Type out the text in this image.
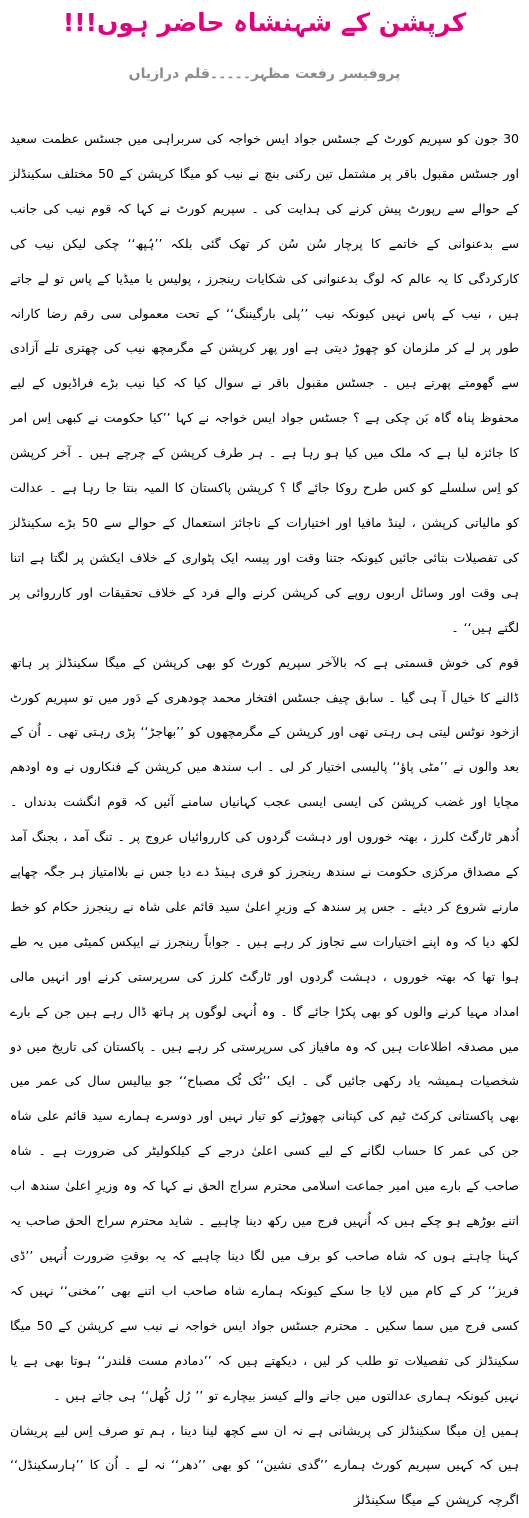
کرپشن کے شہنشاہ حاضر ہوں!!!
پروفیسر رفعت مظہر۔۔۔۔۔قلم درازیاں

30 جون کو سپریم کورٹ کے جسٹس جواد ایس خواجہ کی سربراہی میں جسٹس عظمت سعید اور جسٹس مقبول باقر پر مشتمل تین رکنی بنچ نے نیب کو میگا کرپشن کے 50 مختلف سکینڈلز کے حوالے سے رپورٹ پیش کرنے کی ہدایت کی ۔ سپریم کورٹ نے کہا کہ قوم نیب کی جانب سے بدعنوانی کے خاتمے کا پرچار سُن سُن کر تھک گئی بلکہ ’’ہُپھ‘‘ چکی لیکن نیب کی کارکردگی کا یہ عالم کہ لوگ بدعنوانی کی شکایات رینجرز ، پولیس یا میڈیا کے پاس تو لے جاتے ہیں ، نیب کے پاس نہیں کیونکہ نیب ’’پلی بارگیننگ‘‘ کے تحت معمولی سی رقم رضا کارانہ طور پر لے کر ملزمان کو چھوڑ دیتی ہے اور پھر کرپشن کے مگرمچھ نیب کی چھتری تلے آزادی سے گھومتے پھرتے ہیں ۔ جسٹس مقبول باقر نے سوال کیا کہ کیا نیب بڑے فراڈیوں کے لیے محفوظ پناہ گاہ بَن چکی ہے ؟ جسٹس جواد ایس خواجہ نے کہا ’’کیا حکومت نے کبھی اِس امر کا جائزہ لیا ہے کہ ملک میں کیا ہو رہا ہے ۔ ہر طرف کرپشن کے چرچے ہیں ۔ آخر کرپشن کو اِس سلسلے کو کس طرح روکا جائے گا ؟ کرپشن پاکستان کا المیہ بنتا جا رہا ہے ۔ عدالت کو مالیاتی کرپشن ، لینڈ مافیا اور اختیارات کے ناجائز استعمال کے حوالے سے 50 بڑے سکینڈلز کی تفصیلات بتائی جائیں کیونکہ جتنا وقت اور پیسہ ایک پٹواری کے خلاف ایکشن پر لگتا ہے اتنا ہی وقت اور وسائل اربوں روپے کی کرپشن کرنے والے فرد کے خلاف تحقیقات اور کارروائی پر لگتے ہیں‘‘ ۔

قوم کی خوش قسمتی ہے کہ بالآخر سپریم کورٹ کو بھی کرپشن کے میگا سکینڈلز پر ہاتھ ڈالنے کا خیال آ ہی گیا ۔ سابق چیف جسٹس افتخار محمد چودھری کے دَور میں تو سپریم کورٹ ازخود نوٹس لیتی ہی رہتی تھی اور کرپشن کے مگرمچھوں کو ’’بھاجڑ‘‘ پڑی رہتی تھی ۔ اُن کے بعد والوں نے ’’مٹی پاؤ‘‘ پالیسی اختیار کر لی ۔ اب سندھ میں کرپشن کے فنکاروں نے وہ اودھم مچایا اور غضب کرپشن کی ایسی ایسی عجب کہانیاں سامنے آئیں کہ قوم انگشت بدنداں ۔ اُدھر ٹارگٹ کلرز ، بھتہ خوروں اور دہشت گردوں کی کارروائیاں عروج پر ۔ تنگ آمد ، بجنگ آمد کے مصداق مرکزی حکومت نے سندھ رینجرز کو فری ہینڈ دے دیا جس نے بلاامتیاز ہر جگہ چھاپے مارنے شروع کر دیئے ۔ جس پر سندھ کے وزیرِ اعلیٰ سید قائم علی شاہ نے رینجرز حکام کو خط لکھ دیا کہ وہ اپنے اختیارات سے تجاوز کر رہے ہیں ۔ جواباً رینجرز نے ایپکس کمیٹی میں یہ طے ہوا تھا کہ بھتہ خوروں ، دہشت گردوں اور ٹارگٹ کلرز کی سرپرستی کرنے اور انہیں مالی امداد مہیا کرنے والوں کو بھی پکڑا جائے گا ۔ وہ اُنہی لوگوں پر ہاتھ ڈال رہے ہیں جن کے بارے میں مصدقہ اطلاعات ہیں کہ وہ مافیاز کی سرپرستی کر رہے ہیں ۔ پاکستان کی تاریخ میں دو شخصیات ہمیشہ یاد رکھی جائیں گی ۔ ایک ’’ٹُک ٹُک مصباح‘‘ جو بیالیس سال کی عمر میں بھی پاکستانی کرکٹ ٹیم کی کپتانی چھوڑنے کو تیار نہیں اور دوسرے ہمارے سید قائم علی شاہ جن کی عمر کا حساب لگانے کے لیے کسی اعلیٰ درجے کے کیلکولیٹر کی ضرورت ہے ۔ شاہ صاحب کے بارے میں امیر جماعت اسلامی محترم سراج الحق نے کہا کہ وہ وزیرِ اعلیٰ سندھ اب اتنے بوڑھے ہو چکے ہیں کہ اُنہیں فرج میں رکھ دینا چاہیے ۔ شاید محترم سراج الحق صاحب یہ کہنا چاہتے ہوں کہ شاہ صاحب کو برف میں لگا دینا چاہیے کہ یہ بوقتِ ضرورت اُنہیں ’’ڈی فریز‘‘ کر کے کام میں لایا جا سکے کیونکہ ہمارے شاہ صاحب اب اتنے بھی ’’مخنی‘‘ نہیں کہ کسی فرج میں سما سکیں ۔ محترم جسٹس جواد ایس خواجہ نے نیب سے کرپشن کے 50 میگا سکینڈلز کی تفصیلات تو طلب کر لیں ، دیکھتے ہیں کہ ’’دمادم مست قلندر‘‘ ہوتا بھی ہے یا نہیں کیونکہ ہماری عدالتوں میں جانے والے کیسز بیچارے تو ’’ رُل کُھل‘‘ ہی جاتے ہیں ۔

ہمیں اِن میگا سکینڈلز کی پریشانی ہے نہ ان سے کچھ لینا دینا ، ہم تو صرف اِس لیے پریشان ہیں کہ کہیں سپریم کورٹ ہمارے ’’گدی نشین‘‘ کو بھی ’’دھر‘‘ نہ لے ۔ اُن کا ’’ہارسکینڈل‘‘ اگرچہ کرپشن کے میگا سکینڈلز
